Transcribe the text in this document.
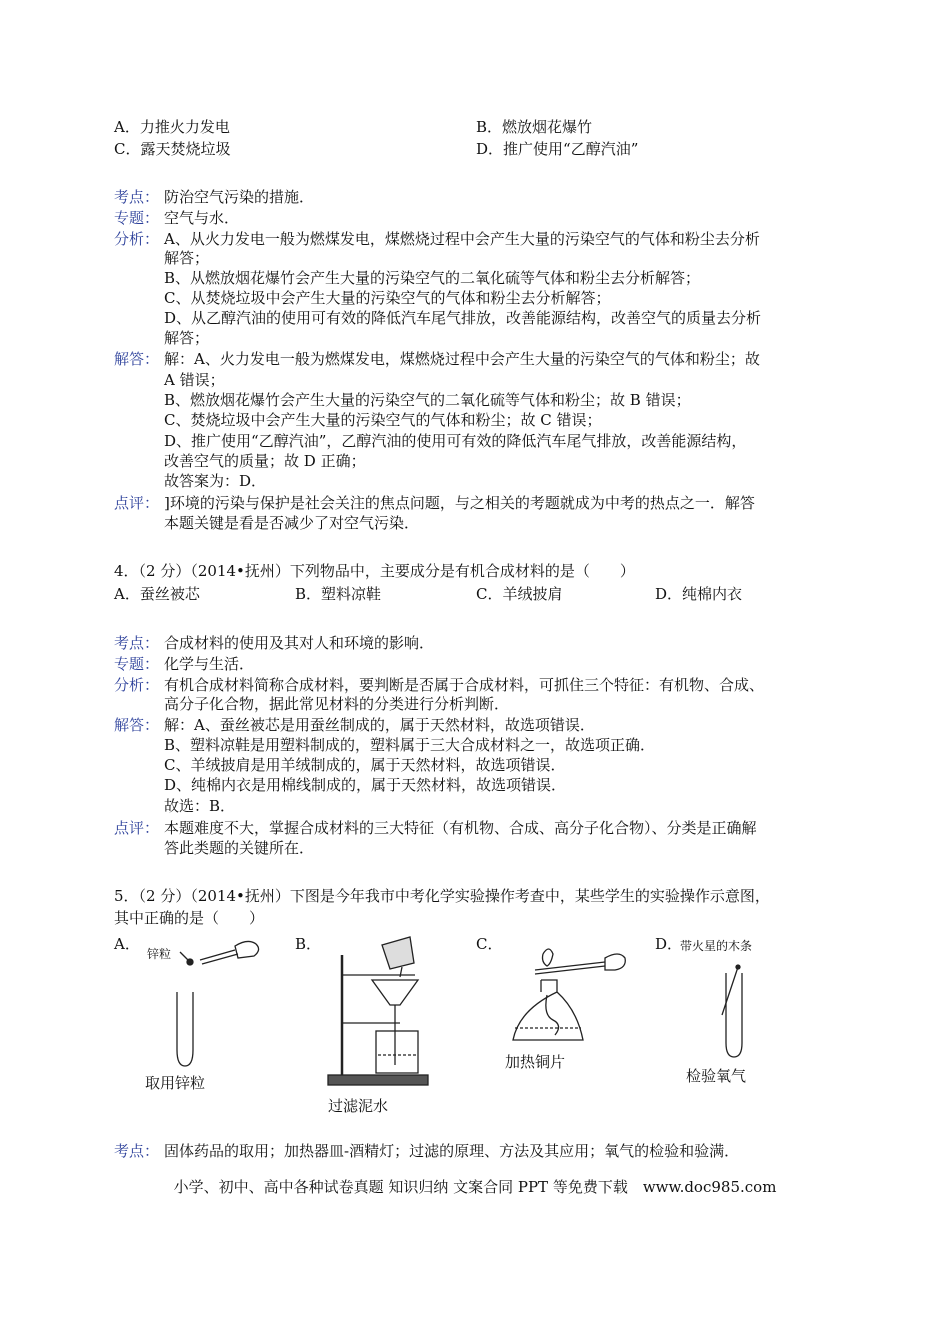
A．力推火力发电	B．燃放烟花爆竹
C．露天焚烧垃圾	D．推广使用“乙醇汽油”
考点： 防治空气污染的措施．
专题： 空气与水．
分析： A、从火力发电一般为燃煤发电，煤燃烧过程中会产生大量的污染空气的气体和粉尘去分析
解答；
B、从燃放烟花爆竹会产生大量的污染空气的二氧化硫等气体和粉尘去分析解答；
C、从焚烧垃圾中会产生大量的污染空气的气体和粉尘去分析解答；
D、从乙醇汽油的使用可有效的降低汽车尾气排放，改善能源结构，改善空气的质量去分析
解答；
解答： 解：A、火力发电一般为燃煤发电，煤燃烧过程中会产生大量的污染空气的气体和粉尘；故
A 错误；
B、燃放烟花爆竹会产生大量的污染空气的二氧化硫等气体和粉尘；故 B 错误；
C、焚烧垃圾中会产生大量的污染空气的气体和粉尘；故 C 错误；
D、推广使用“乙醇汽油”，乙醇汽油的使用可有效的降低汽车尾气排放，改善能源结构，
改善空气的质量；故 D 正确；
故答案为：D．
点评： ]环境的污染与保护是社会关注的焦点问题，与之相关的考题就成为中考的热点之一．解答
本题关键是看是否减少了对空气污染．
4．（2 分）（2014•抚州）下列物品中，主要成分是有机合成材料的是（　　）
A．蚕丝被芯	B．塑料凉鞋	C．羊绒披肩	D．纯棉内衣
考点： 合成材料的使用及其对人和环境的影响．
专题： 化学与生活．
分析： 有机合成材料简称合成材料，要判断是否属于合成材料，可抓住三个特征：有机物、合成、
高分子化合物，据此常见材料的分类进行分析判断．
解答： 解：A、蚕丝被芯是用蚕丝制成的，属于天然材料，故选项错误．
B、塑料凉鞋是用塑料制成的，塑料属于三大合成材料之一，故选项正确．
C、羊绒披肩是用羊绒制成的，属于天然材料，故选项错误．
D、纯棉内衣是用棉线制成的，属于天然材料，故选项错误．
故选：B．
点评： 本题难度不大，掌握合成材料的三大特征（有机物、合成、高分子化合物）、分类是正确解
答此类题的关键所在．
5．（2 分）（2014•抚州）下图是今年我市中考化学实验操作考查中，某些学生的实验操作示意图，
其中正确的是（　　）
A．	B．	C．	D．
锌粒
取用锌粒
过滤泥水
加热铜片
带火星的木条
检验氧气
考点： 固体药品的取用；加热器皿-酒精灯；过滤的原理、方法及其应用；氧气的检验和验满．
小学、初中、高中各种试卷真题 知识归纳 文案合同 PPT 等免费下载　www.doc985.com
